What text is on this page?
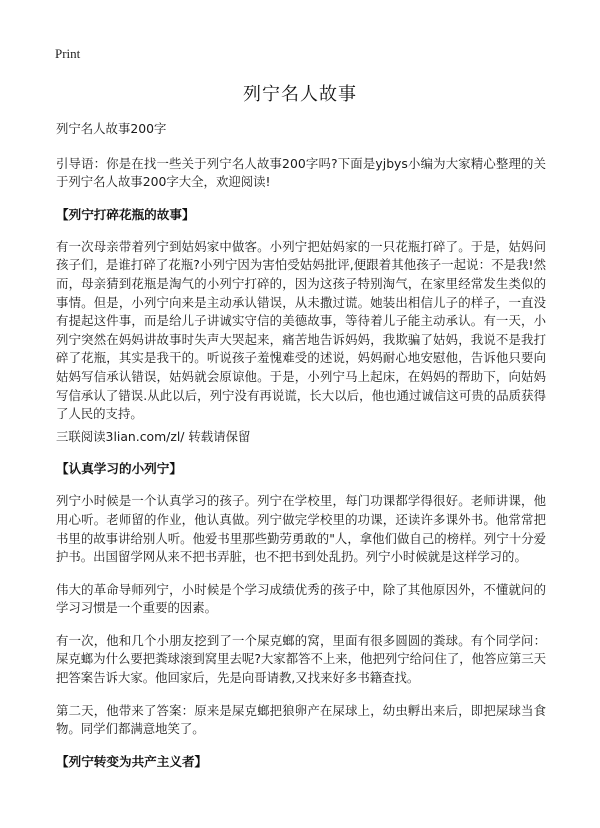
Print
列宁名人故事

列宁名人故事200字

引导语：你是在找一些关于列宁名人故事200字吗?下面是yjbys小编为大家精心整理的关于列宁名人故事200字大全，欢迎阅读!

【列宁打碎花瓶的故事】

有一次母亲带着列宁到姑妈家中做客。小列宁把姑妈家的一只花瓶打碎了。于是，姑妈问孩子们，是谁打碎了花瓶?小列宁因为害怕受姑妈批评,便跟着其他孩子一起说：不是我!然而，母亲猜到花瓶是淘气的小列宁打碎的，因为这孩子特别淘气，在家里经常发生类似的事情。但是，小列宁向来是主动承认错误，从未撒过谎。她装出相信儿子的样子，一直没有提起这件事，而是给儿子讲诚实守信的美德故事，等待着儿子能主动承认。有一天，小列宁突然在妈妈讲故事时失声大哭起来，痛苦地告诉妈妈，我欺骗了姑妈，我说不是我打碎了花瓶，其实是我干的。听说孩子羞愧难受的述说，妈妈耐心地安慰他，告诉他只要向姑妈写信承认错误，姑妈就会原谅他。于是，小列宁马上起床，在妈妈的帮助下，向姑妈写信承认了错误.从此以后，列宁没有再说谎，长大以后，他也通过诚信这可贵的品质获得了人民的支持。

三联阅读3lian.com/zl/ 转载请保留

【认真学习的小列宁】

列宁小时候是一个认真学习的孩子。列宁在学校里，每门功课都学得很好。老师讲课，他用心听。老师留的作业，他认真做。列宁做完学校里的功课，还读许多课外书。他常常把书里的故事讲给别人听。他爱书里那些勤劳勇敢的"人，拿他们做自己的榜样。列宁十分爱护书。出国留学网从来不把书弄脏，也不把书到处乱扔。列宁小时候就是这样学习的。

伟大的革命导师列宁，小时候是个学习成绩优秀的孩子中，除了其他原因外，不懂就问的学习习惯是一个重要的因素。

有一次，他和几个小朋友挖到了一个屎克螂的窝，里面有很多圆圆的粪球。有个同学问：屎克螂为什么要把粪球滚到窝里去呢?大家都答不上来，他把列宁给问住了，他答应第三天把答案告诉大家。他回家后，先是向哥请教,又找来好多书籍查找。

第二天，他带来了答案：原来是屎克螂把狼卵产在屎球上，幼虫孵出来后，即把屎球当食物。同学们都满意地笑了。

【列宁转变为共产主义者】
